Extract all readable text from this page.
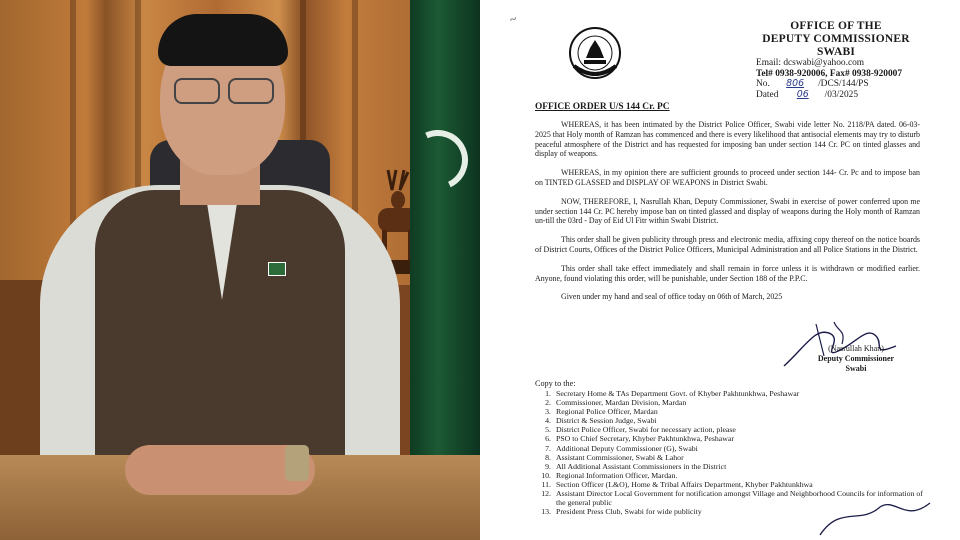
~	OFFICE OF THE
DEPUTY COMMISSIONER
SWABI
Email: dcswabi@yahoo.com
Tel# 0938-920006, Fax# 0938-920007
No. 806 /DCS/144/PS
Dated 06 /03/2025
OFFICE ORDER U/S 144 Cr. PC

WHEREAS, it has been intimated by the District Police Officer, Swabi vide letter No. 2118/PA dated. 06-03-2025 that Holy month of Ramzan has commenced and there is every likelihood that antisocial elements may try to disturb peaceful atmosphere of the District and has requested for imposing ban under section 144 Cr. PC on tinted glasses and display of weapons.

WHEREAS, in my opinion there are sufficient grounds to proceed under section 144- Cr. Pc and to impose ban on TINTED GLASSED and DISPLAY OF WEAPONS in District Swabi.

NOW, THEREFORE, I, Nasrullah Khan, Deputy Commissioner, Swabi in exercise of power conferred upon me under section 144 Cr. PC hereby impose ban on tinted glassed and display of weapons during the Holy month of Ramzan un-till the 03rd - Day of Eid Ul Fitr within Swabi District.

This order shall be given publicity through press and electronic media, affixing copy thereof on the notice boards of District Courts, Offices of the District Police Officers, Municipal Administration and all Police Stations in the District.

This order shall take effect immediately and shall remain in force unless it is withdrawn or modified earlier. Anyone, found violating this order, will be punishable, under Section 188 of the P.P.C.

Given under my hand and seal of office today on 06th of March, 2025

(Nasrullah Khan)
Deputy Commissioner
Swabi
Copy to the:
1. Secretary Home & TAs Department Govt. of Khyber Pakhtunkhwa, Peshawar
2. Commissioner, Mardan Division, Mardan
3. Regional Police Officer, Mardan
4. District & Session Judge, Swabi
5. District Police Officer, Swabi for necessary action, please
6. PSO to Chief Secretary, Khyber Pakhtunkhwa, Peshawar
7. Additional Deputy Commissioner (G), Swabi
8. Assistant Commissioner, Swabi & Lahor
9. All Additional Assistant Commissioners in the District
10. Regional Information Officer, Mardan.
11. Section Officer (L&O), Home & Tribal Affairs Department, Khyber Pakhtunkhwa
12. Assistant Director Local Government for notification amongst Village and Neighborhood Councils for information of the general public
13. President Press Club, Swabi for wide publicity
